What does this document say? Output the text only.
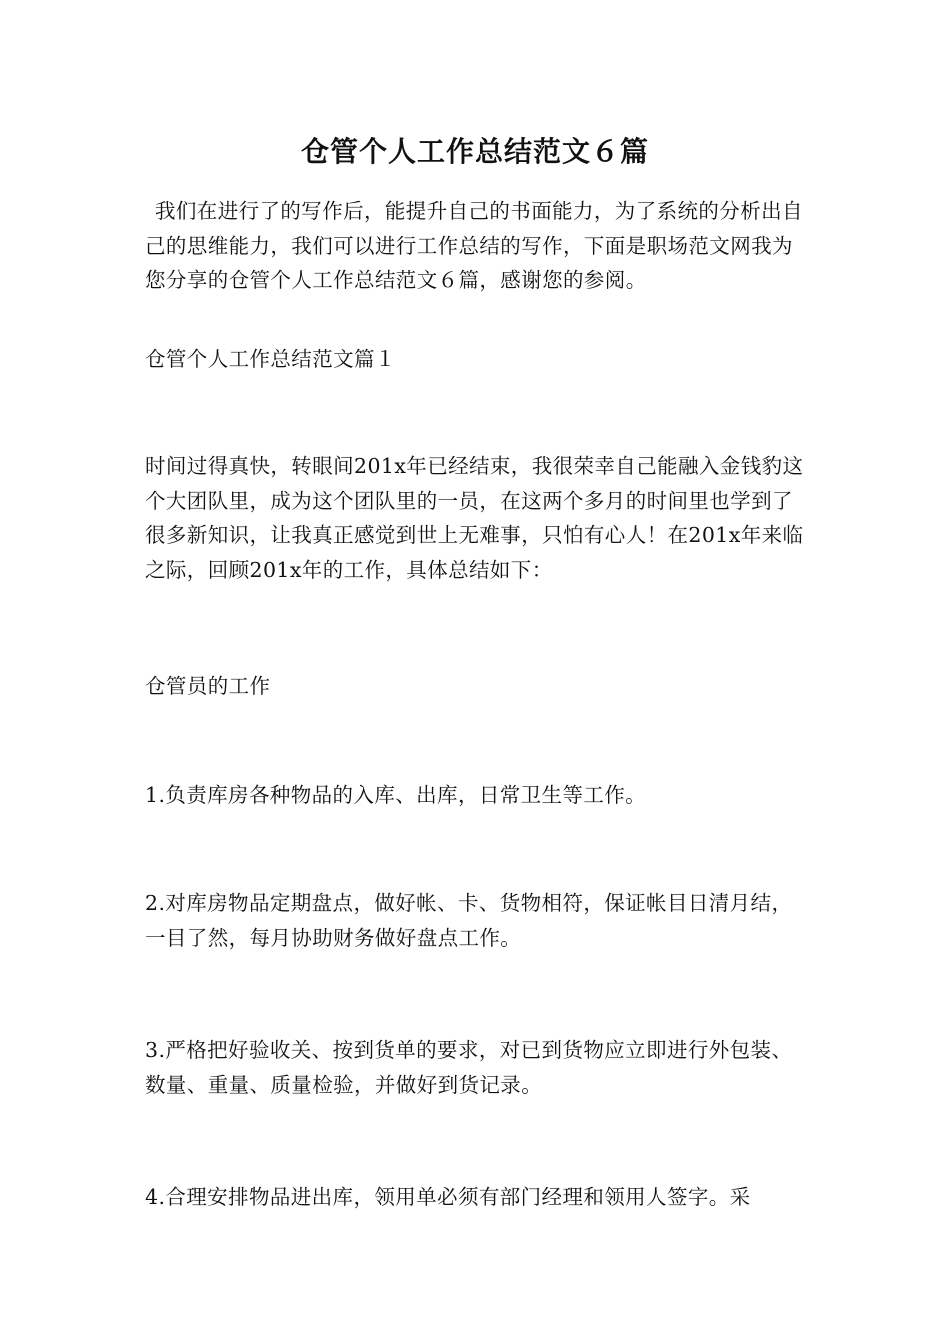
仓管个人工作总结范文６篇

我们在进行了的写作后，能提升自己的书面能力，为了系统的分析出自己的思维能力，我们可以进行工作总结的写作，下面是职场范文网我为您分享的仓管个人工作总结范文６篇，感谢您的参阅。

仓管个人工作总结范文篇１

时间过得真快，转眼间201x年已经结束，我很荣幸自己能融入金钱豹这个大团队里，成为这个团队里的一员，在这两个多月的时间里也学到了很多新知识，让我真正感觉到世上无难事，只怕有心人！在201x年来临之际，回顾201x年的工作，具体总结如下：

仓管员的工作

1.负责库房各种物品的入库、出库，日常卫生等工作。

2.对库房物品定期盘点，做好帐、卡、货物相符，保证帐目日清月结，一目了然，每月协助财务做好盘点工作。

3.严格把好验收关、按到货单的要求，对已到货物应立即进行外包装、数量、重量、质量检验，并做好到货记录。

4.合理安排物品进出库，领用单必须有部门经理和领用人签字。采
